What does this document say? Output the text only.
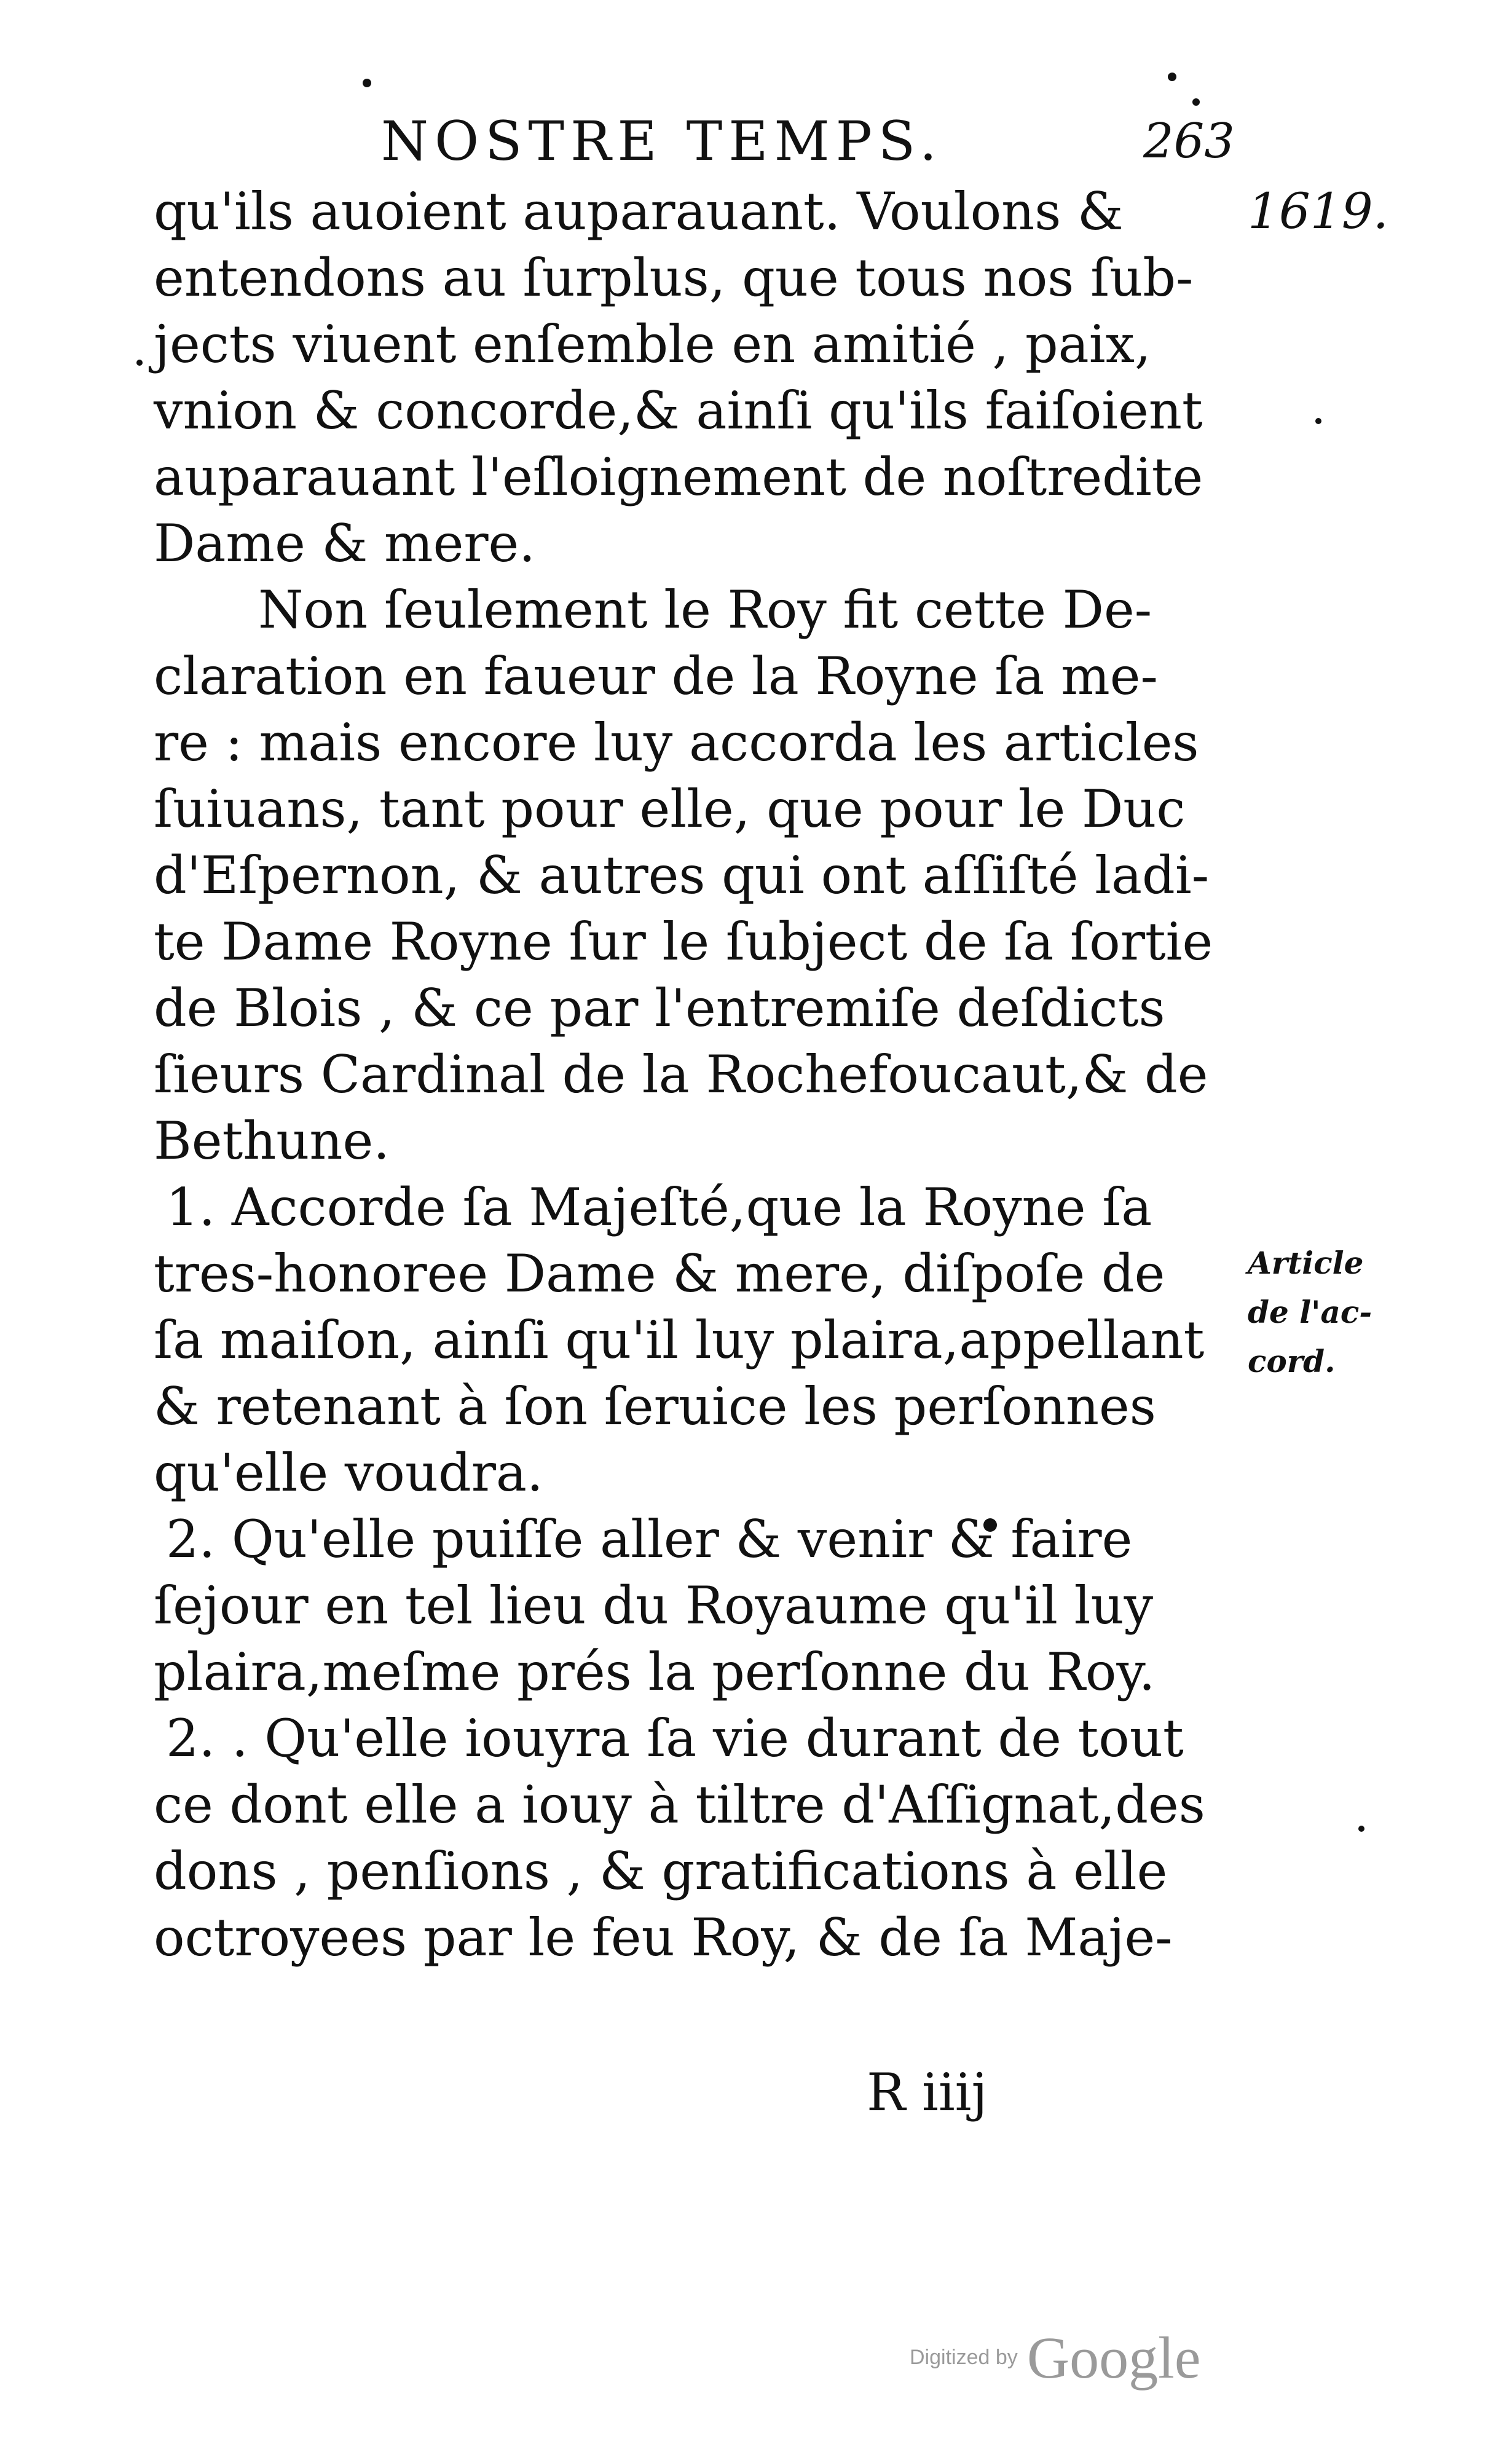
NOSTRE TEMPS.	263
1619.
Article
de l'ac-
cord.
qu'ils auoient auparauant. Voulons &
entendons au ſurplus, que tous nos ſub-
jects viuent enſemble en amitié , paix,
vnion & concorde,& ainſi qu'ils faiſoient
auparauant l'eſloignement de noſtredite
Dame & mere.
Non ſeulement le Roy fit cette De-
claration en faueur de la Royne ſa me-
re : mais encore luy accorda les articles
ſuiuans, tant pour elle, que pour le Duc
d'Eſpernon, & autres qui ont aſſiſté ladi-
te Dame Royne ſur le ſubject de ſa ſortie
de Blois , & ce par l'entremiſe deſdicts
ſieurs Cardinal de la Rochefoucaut,& de
Bethune.
1. Accorde ſa Majeſté,que la Royne ſa
tres-honoree Dame & mere, diſpoſe de
ſa maiſon, ainſi qu'il luy plaira,appellant
& retenant à ſon ſeruice les perſonnes
qu'elle voudra.
2. Qu'elle puiſſe aller & venir & faire
ſejour en tel lieu du Royaume qu'il luy
plaira,meſme prés la perſonne du Roy.
2. . Qu'elle iouyra ſa vie durant de tout
ce dont elle a iouy à tiltre d'Aſſignat,des
dons , penſions , & gratifications à elle
octroyees par le feu Roy, & de ſa Maje-
R iiij
Digitized by Google
